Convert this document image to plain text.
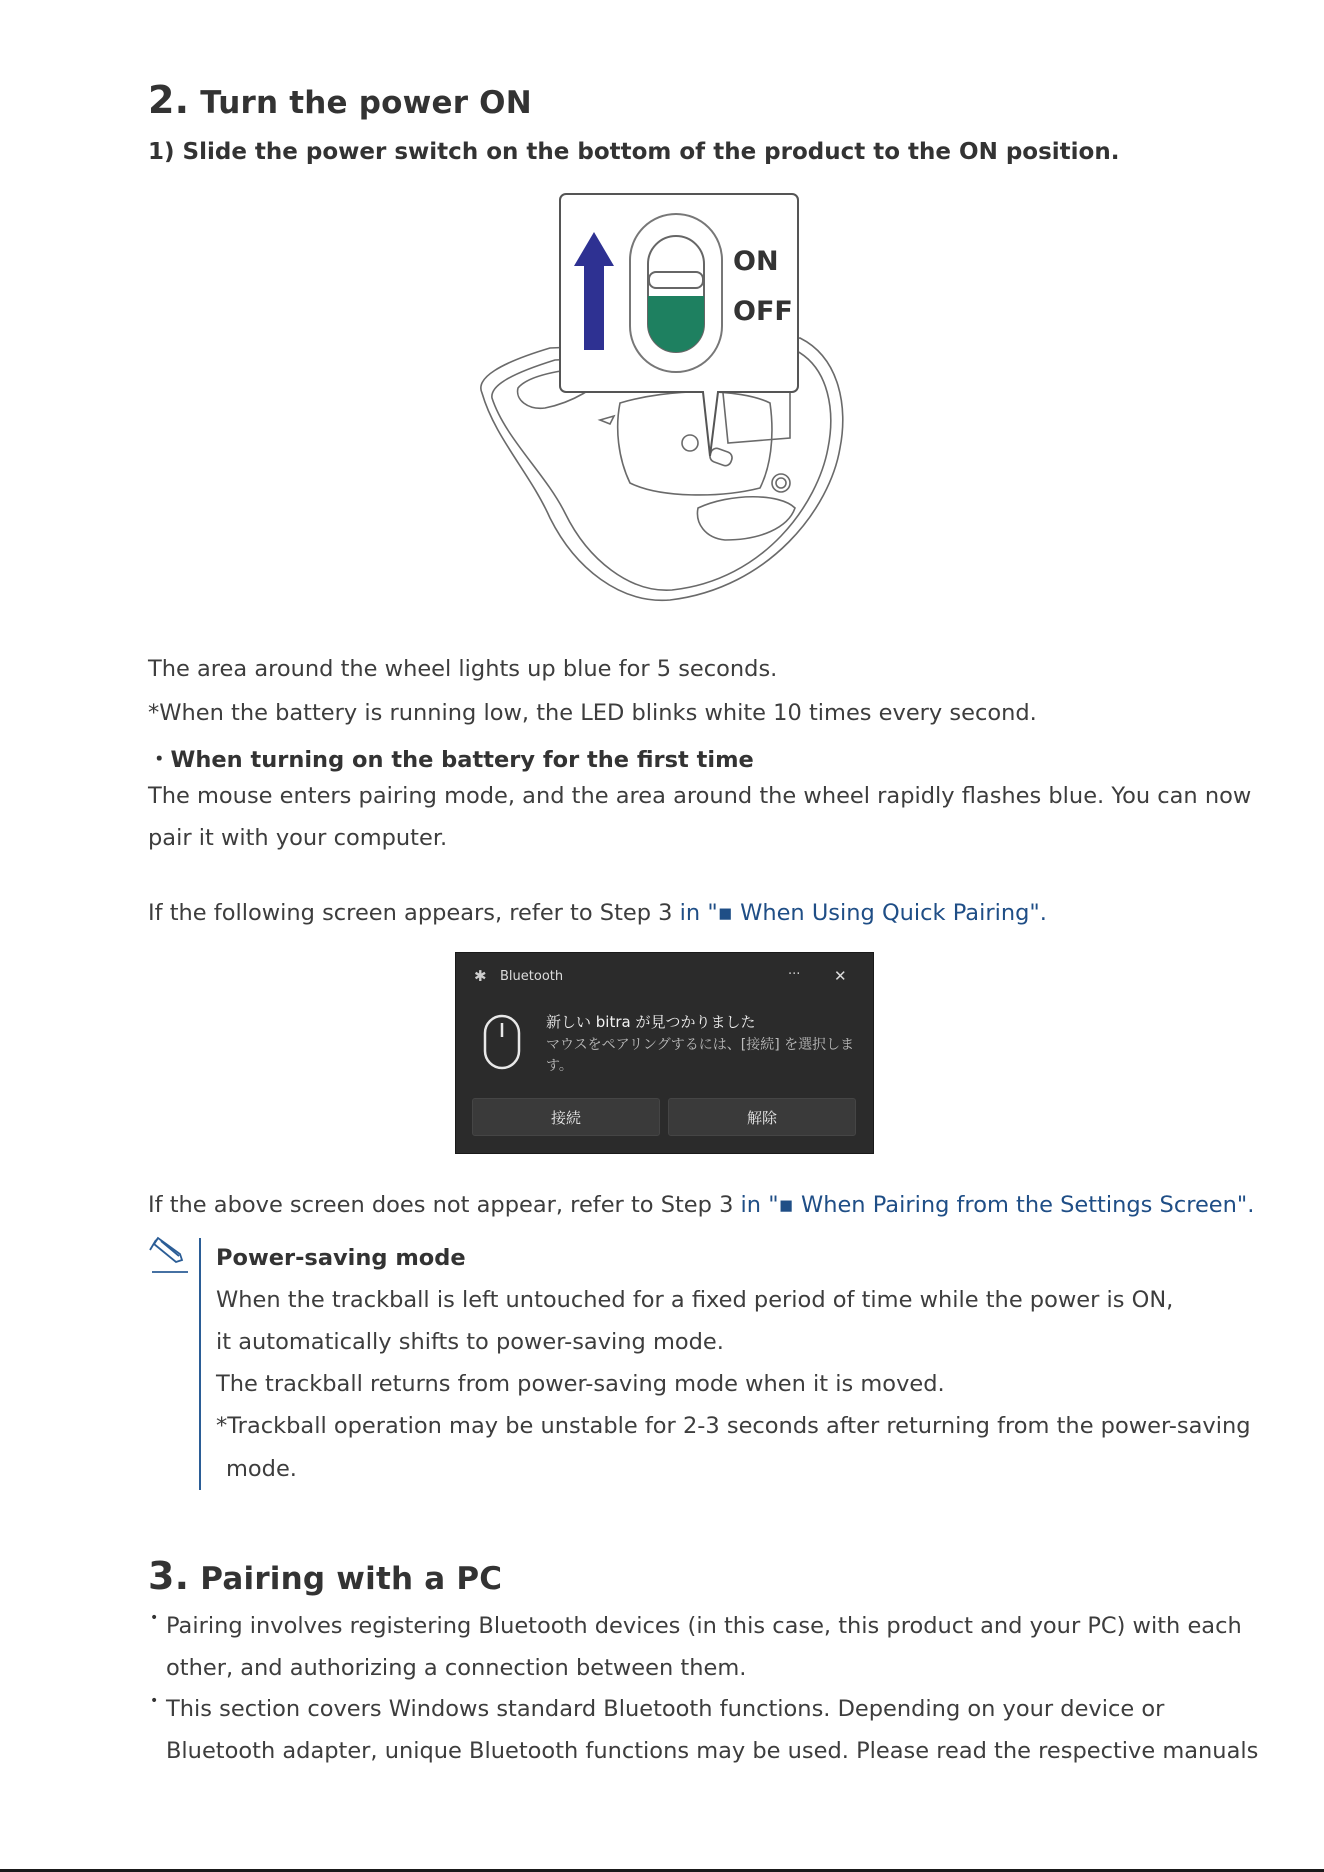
2. Turn the power ON
1) Slide the power switch on the bottom of the product to the ON position.
ON
OFF
The area around the wheel lights up blue for 5 seconds.
*When the battery is running low, the LED blinks white 10 times every second.
・When turning on the battery for the first time
The mouse enters pairing mode, and the area around the wheel rapidly flashes blue. You can now
pair it with your computer.
If the following screen appears, refer to Step 3 in "▪ When Using Quick Pairing".
✱ Bluetooth	··· ✕
新しい bitra が見つかりました
マウスをペアリングするには、[接続] を選択しま
す。
接続	解除
If the above screen does not appear, refer to Step 3 in "▪ When Pairing from the Settings Screen".
Power-saving mode
When the trackball is left untouched for a fixed period of time while the power is ON,
it automatically shifts to power-saving mode.
The trackball returns from power-saving mode when it is moved.
*Trackball operation may be unstable for 2-3 seconds after returning from the power-saving
mode.
3. Pairing with a PC
• Pairing involves registering Bluetooth devices (in this case, this product and your PC) with each
other, and authorizing a connection between them.
• This section covers Windows standard Bluetooth functions. Depending on your device or
Bluetooth adapter, unique Bluetooth functions may be used. Please read the respective manuals
